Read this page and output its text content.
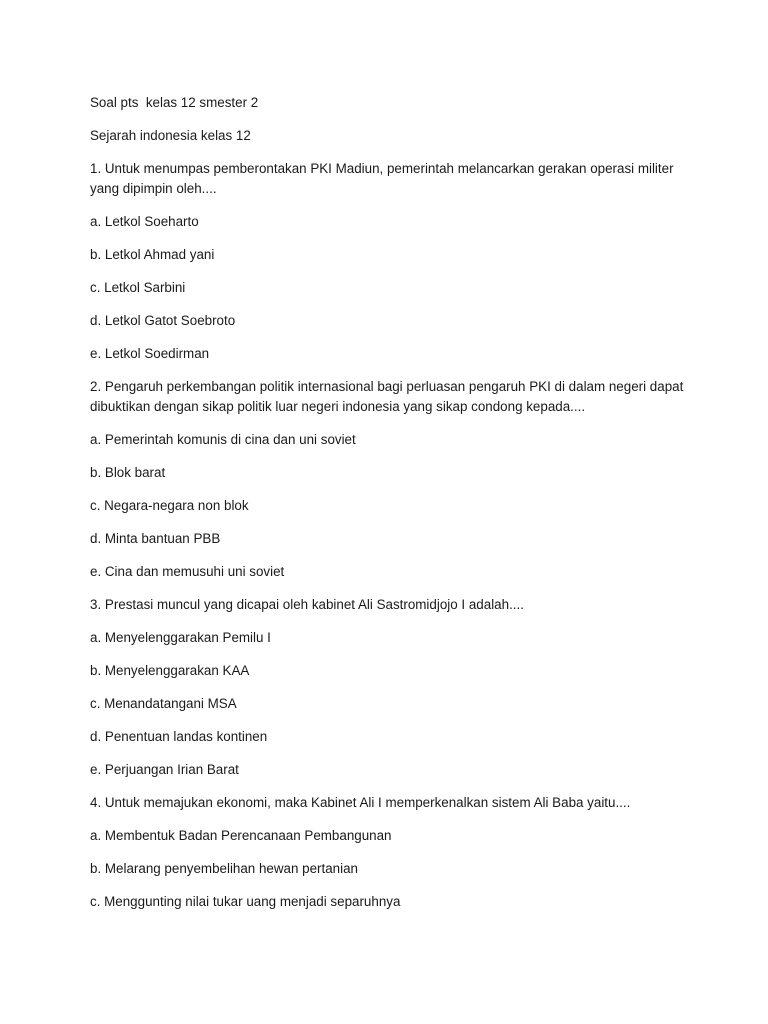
Soal pts  kelas 12 smester 2

Sejarah indonesia kelas 12

1. Untuk menumpas pemberontakan PKI Madiun, pemerintah melancarkan gerakan operasi militer yang dipimpin oleh....

a. Letkol Soeharto

b. Letkol Ahmad yani

c. Letkol Sarbini

d. Letkol Gatot Soebroto

e. Letkol Soedirman

2. Pengaruh perkembangan politik internasional bagi perluasan pengaruh PKI di dalam negeri dapat dibuktikan dengan sikap politik luar negeri indonesia yang sikap condong kepada....

a. Pemerintah komunis di cina dan uni soviet

b. Blok barat

c. Negara-negara non blok

d. Minta bantuan PBB

e. Cina dan memusuhi uni soviet

3. Prestasi muncul yang dicapai oleh kabinet Ali Sastromidjojo I adalah....

a. Menyelenggarakan Pemilu I

b. Menyelenggarakan KAA

c. Menandatangani MSA

d. Penentuan landas kontinen

e. Perjuangan Irian Barat

4. Untuk memajukan ekonomi, maka Kabinet Ali I memperkenalkan sistem Ali Baba yaitu....

a. Membentuk Badan Perencanaan Pembangunan

b. Melarang penyembelihan hewan pertanian

c. Menggunting nilai tukar uang menjadi separuhnya
